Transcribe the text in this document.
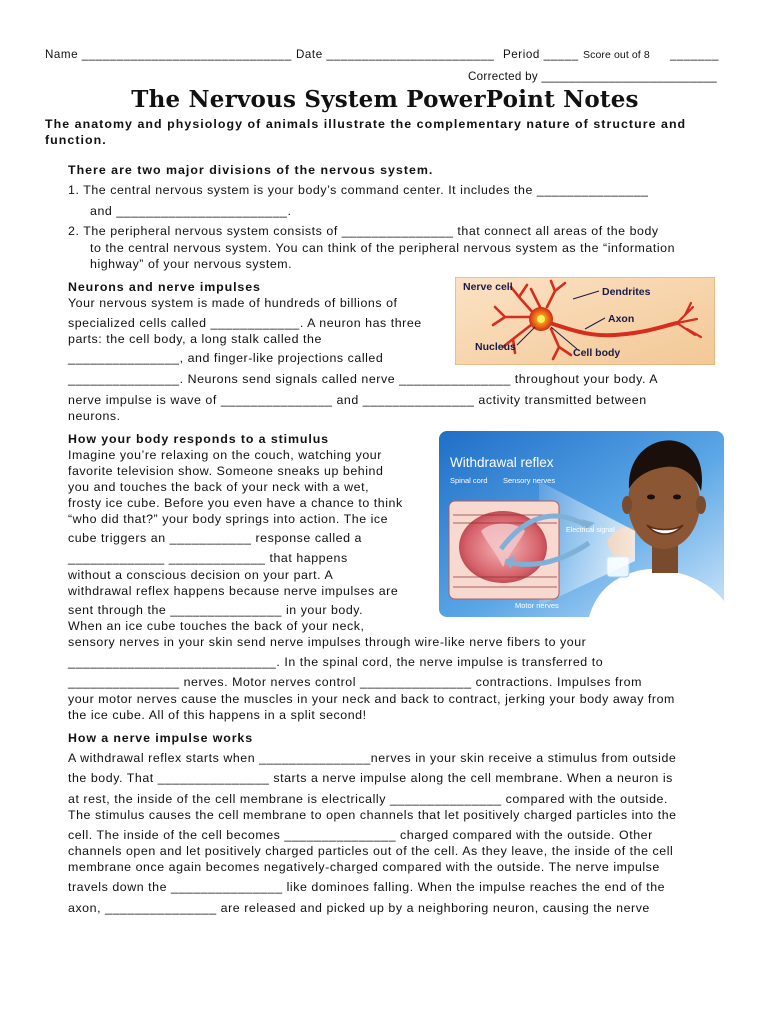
Name ______________________________ Date ________________________ Period _____ Score out of 8 _______
Corrected by __________________________
The Nervous System PowerPoint Notes
The anatomy and physiology of animals illustrate the complementary nature of structure and
function.
There are two major divisions of the nervous system.
1. The central nervous system is your body’s command center. It includes the _______________
and _______________________.
2. The peripheral nervous system consists of _______________ that connect all areas of the body
to the central nervous system. You can think of the peripheral nervous system as the “information
highway” of your nervous system.
Neurons and nerve impulses
Your nervous system is made of hundreds of billions of
specialized cells called ____________. A neuron has three
parts: the cell body, a long stalk called the
_______________, and finger-like projections called
_______________. Neurons send signals called nerve _______________ throughout your body. A
nerve impulse is wave of _______________ and _______________ activity transmitted between
neurons.
Nerve cell	Dendrites
Axon
Nucleus	Cell body
How your body responds to a stimulus
Imagine you’re relaxing on the couch, watching your
favorite television show. Someone sneaks up behind
you and touches the back of your neck with a wet,
frosty ice cube. Before you even have a chance to think
“who did that?” your body springs into action. The ice
cube triggers an ___________ response called a
_____________ _____________ that happens
without a conscious decision on your part. A
withdrawal reflex happens because nerve impulses are
sent through the _______________ in your body.
When an ice cube touches the back of your neck,
sensory nerves in your skin send nerve impulses through wire-like nerve fibers to your
____________________________. In the spinal cord, the nerve impulse is transferred to
_______________ nerves. Motor nerves control _______________ contractions. Impulses from
your motor nerves cause the muscles in your neck and back to contract, jerking your body away from
the ice cube. All of this happens in a split second!
Withdrawal reflex
Spinal cord Sensory nerves
Electrical signal
Ice
Motor nerves
How a nerve impulse works
A withdrawal reflex starts when _______________nerves in your skin receive a stimulus from outside
the body. That _______________ starts a nerve impulse along the cell membrane. When a neuron is
at rest, the inside of the cell membrane is electrically _______________ compared with the outside.
The stimulus causes the cell membrane to open channels that let positively charged particles into the
cell. The inside of the cell becomes _______________ charged compared with the outside. Other
channels open and let positively charged particles out of the cell. As they leave, the inside of the cell
membrane once again becomes negatively-charged compared with the outside. The nerve impulse
travels down the _______________ like dominoes falling. When the impulse reaches the end of the
axon, _______________ are released and picked up by a neighboring neuron, causing the nerve
